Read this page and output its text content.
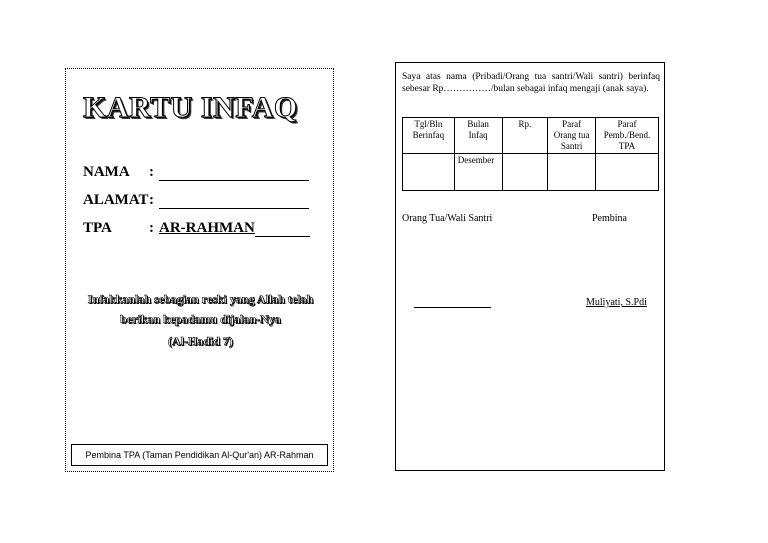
KARTU INFAQ
NAMA :
ALAMAT:
TPA : AR-RAHMAN
Infakkanlah sebagian reski yang Allah telah
berikan kepadamu dijalan-Nya
(Al-Hadid 7)
Pembina TPA (Taman Pendidikan Al-Qur'an) AR-Rahman
Saya atas nama (Pribadi/Orang tua santri/Wali santri) berinfaq sebesar Rp……………/bulan sebagai infaq mengaji (anak saya).
Tgl/Bln Berinfaq	Bulan Infaq	Rp.	Paraf Orang tua Santri	Paraf Pemb./Bend. TPA
	Desember			
Orang Tua/Wali Santri	Pembina
Muliyati, S.Pdi
